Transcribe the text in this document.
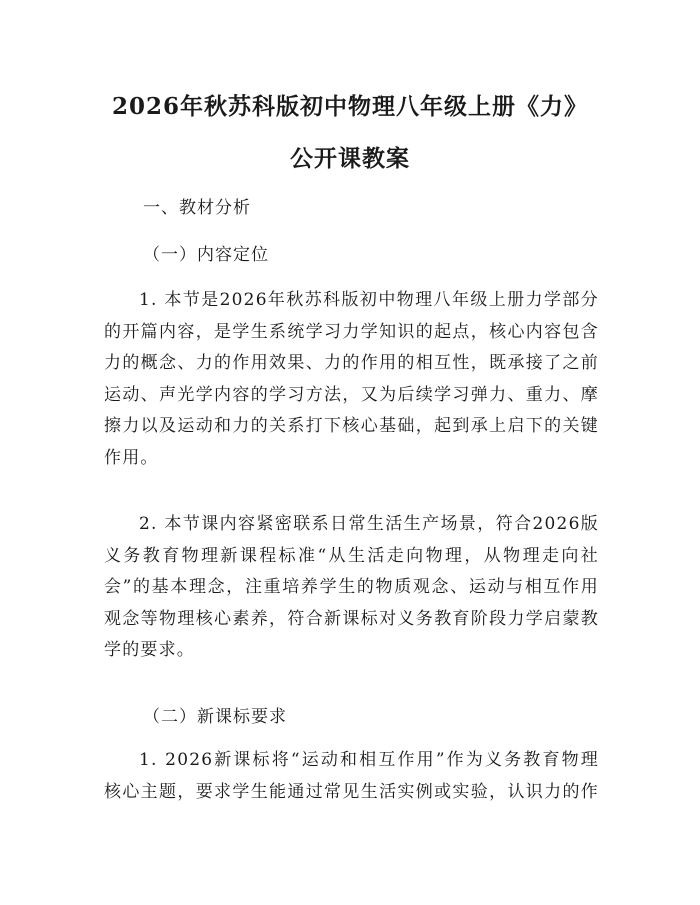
2026年秋苏科版初中物理八年级上册《力》
公开课教案
一、教材分析
（一）内容定位
1. 本节是2026年秋苏科版初中物理八年级上册力学部分
的开篇内容，是学生系统学习力学知识的起点，核心内容包含
力的概念、力的作用效果、力的作用的相互性，既承接了之前
运动、声光学内容的学习方法，又为后续学习弹力、重力、摩
擦力以及运动和力的关系打下核心基础，起到承上启下的关键
作用。
2. 本节课内容紧密联系日常生活生产场景，符合2026版
义务教育物理新课程标准“从生活走向物理，从物理走向社
会”的基本理念，注重培养学生的物质观念、运动与相互作用
观念等物理核心素养，符合新课标对义务教育阶段力学启蒙教
学的要求。
（二）新课标要求
1. 2026新课标将“运动和相互作用”作为义务教育物理
核心主题，要求学生能通过常见生活实例或实验，认识力的作
